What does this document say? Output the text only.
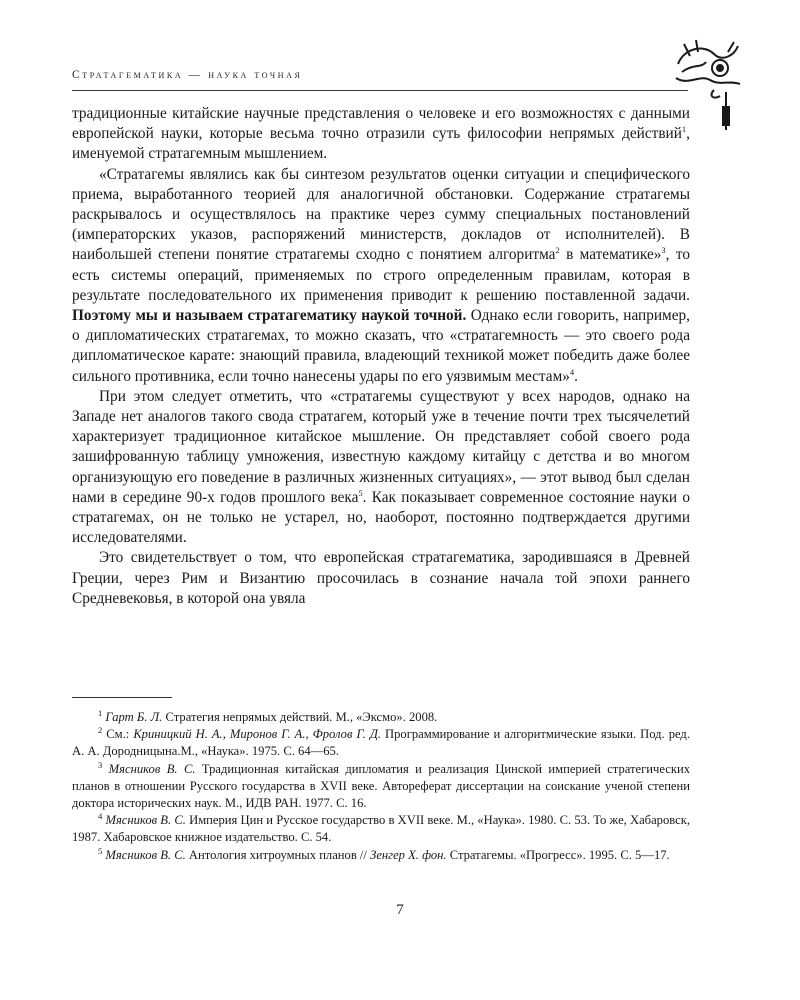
Стратагематика — наука точная

традиционные китайские научные представления о человеке и его возможностях с данными европейской науки, которые весьма точно отразили суть философии непрямых действий$^1$, именуемой стратагемным мышлением.

«Стратагемы являлись как бы синтезом результатов оценки ситуации и специфического приема, выработанного теорией для аналогичной обстановки. Содержание стратагемы раскрывалось и осуществлялось на практике через сумму специальных постановлений (императорских указов, распоряжений министерств, докладов от исполнителей). В наибольшей степени понятие стратагемы сходно с понятием алгоритма$^2$ в математике»$^3$, то есть системы операций, применяемых по строго определенным правилам, которая в результате последовательного их применения приводит к решению поставленной задачи. Поэтому мы и называем стратагематику наукой точной. Однако если говорить, например, о дипломатических стратагемах, то можно сказать, что «стратагемность — это своего рода дипломатическое карате: знающий правила, владеющий техникой может победить даже более сильного противника, если точно нанесены удары по его уязвимым местам»$^4$.

При этом следует отметить, что «стратагемы существуют у всех народов, однако на Западе нет аналогов такого свода стратагем, который уже в течение почти трех тысячелетий характеризует традиционное китайское мышление. Он представляет собой своего рода зашифрованную таблицу умножения, известную каждому китайцу с детства и во многом организующую его поведение в различных жизненных ситуациях», — этот вывод был сделан нами в середине 90-х годов прошлого века$^5$. Как показывает современное состояние науки о стратагемах, он не только не устарел, но, наоборот, постоянно подтверждается другими исследователями.

Это свидетельствует о том, что европейская стратагематика, зародившаяся в Древней Греции, через Рим и Византию просочилась в сознание начала той эпохи раннего Средневековья, в которой она увяла

$^1$ Гарт Б. Л. Стратегия непрямых действий. М., «Эксмо». 2008.

$^2$ См.: Криницкий Н. А., Миронов Г. А., Фролов Г. Д. Программирование и алгоритмические языки. Под. ред. А. А. Дородницына.М., «Наука». 1975. С. 64—65.

$^3$ Мясников В. С. Традиционная китайская дипломатия и реализация Цинской империей стратегических планов в отношении Русского государства в XVII веке. Автореферат диссертации на соискание ученой степени доктора исторических наук. М., ИДВ РАН. 1977. С. 16.

$^4$ Мясников В. С. Империя Цин и Русское государство в XVII веке. М., «Наука». 1980. С. 53. То же, Хабаровск, 1987. Хабаровское книжное издательство. С. 54.

$^5$ Мясников В. С. Антология хитроумных планов // Зенгер Х. фон. Стратагемы. «Прогресс». 1995. С. 5—17.

7
